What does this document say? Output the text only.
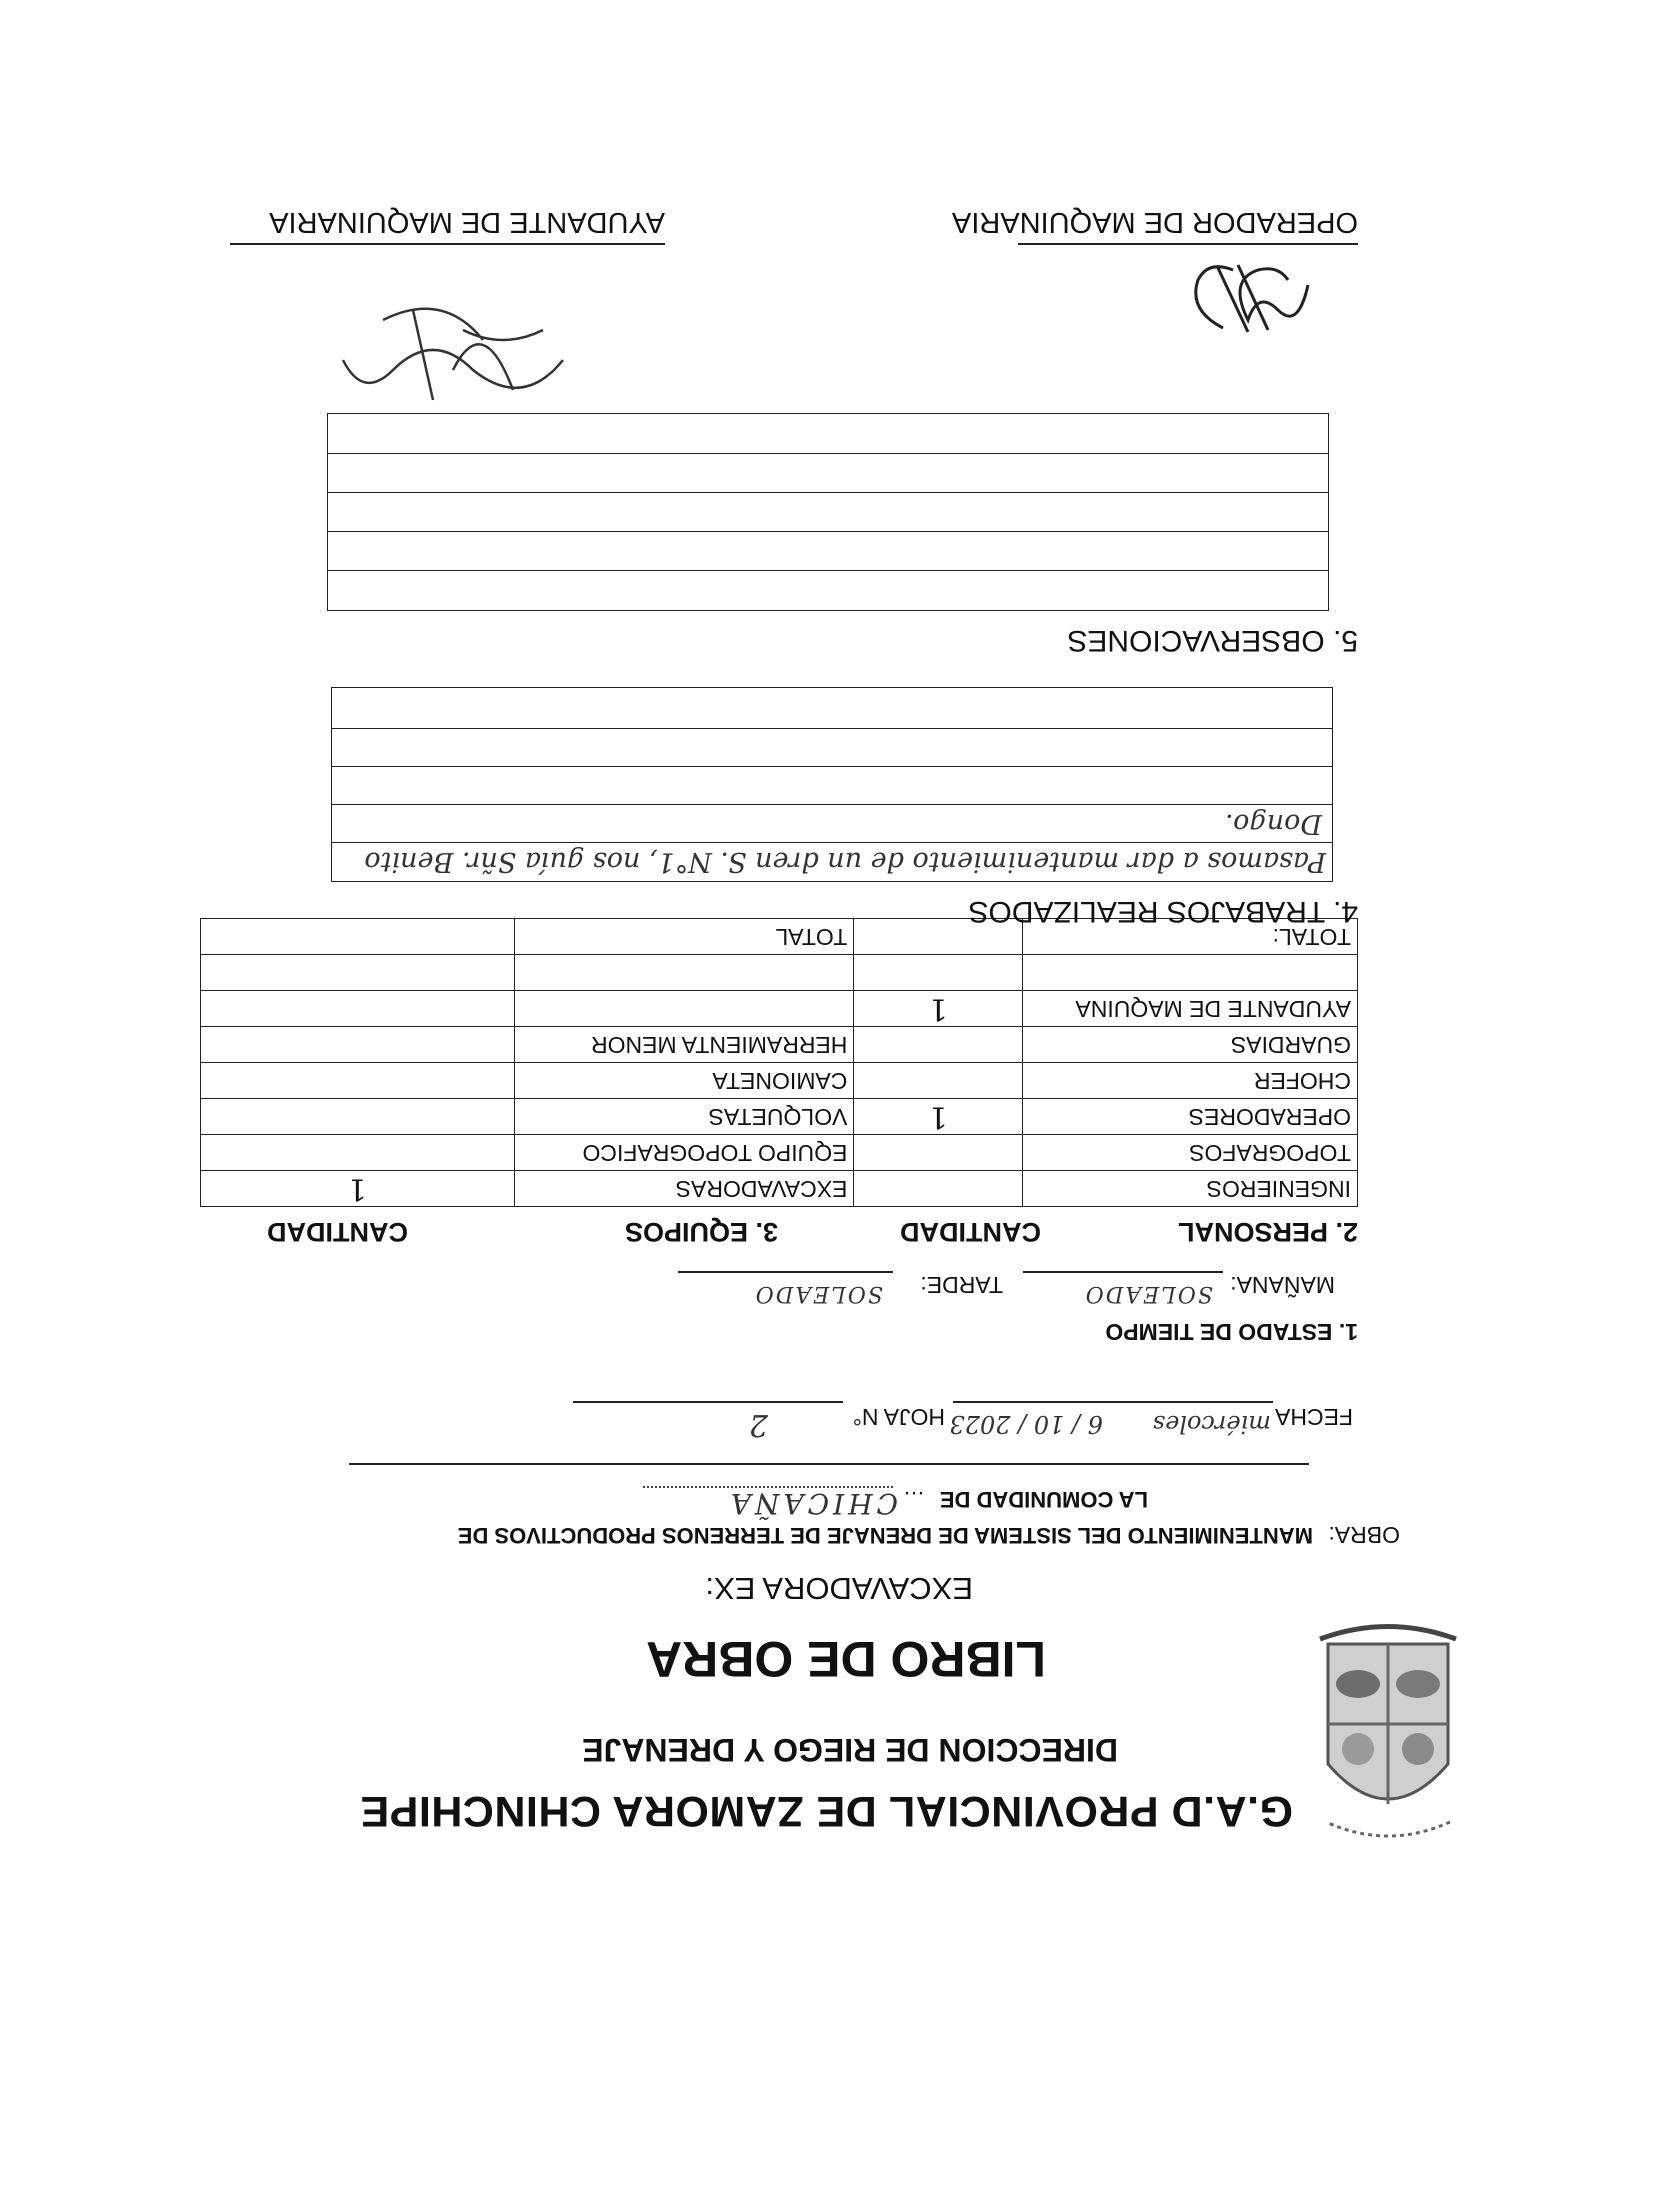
G.A.D PROVINCIAL DE ZAMORA CHINCHIPE
DIRECCION DE RIEGO Y DRENAJE
LIBRO DE OBRA
EXCAVADORA EX:
OBRA:
MANTENIMIENTO DEL SISTEMA DE DRENAJE DE TERRENOS PRODUCTIVOS DE
LA COMUNIDAD DE
…
CHICAÑA
FECHA
miércoles
6 / 10 / 2023
HOJA N°
2
1. ESTADO DE TIEMPO
MAÑANA:
SOLEADO
TARDE:
SOLEADO
2. PERSONAL
CANTIDAD
3. EQUIPOS
CANTIDAD
INGENIEROS		EXCAVADORAS	1
TOPOGRAFOS		EQUIPO TOPOGRAFICO	
OPERADORES	1	VOLQUETAS	
CHOFER		CAMIONETA	
GUARDIAS		HERRAMIENTA MENOR	
AYUDANTE DE MAQUINA	1		

TOTAL:		TOTAL	
4. TRABAJOS REALIZADOS
Pasamos a dar mantenimiento de un dren S. N°1, nos guía Sñr. Benito
Dongo.
5. OBSERVACIONES
OPERADOR DE MAQUINARIA
AYUDANTE DE MAQUINARIA
